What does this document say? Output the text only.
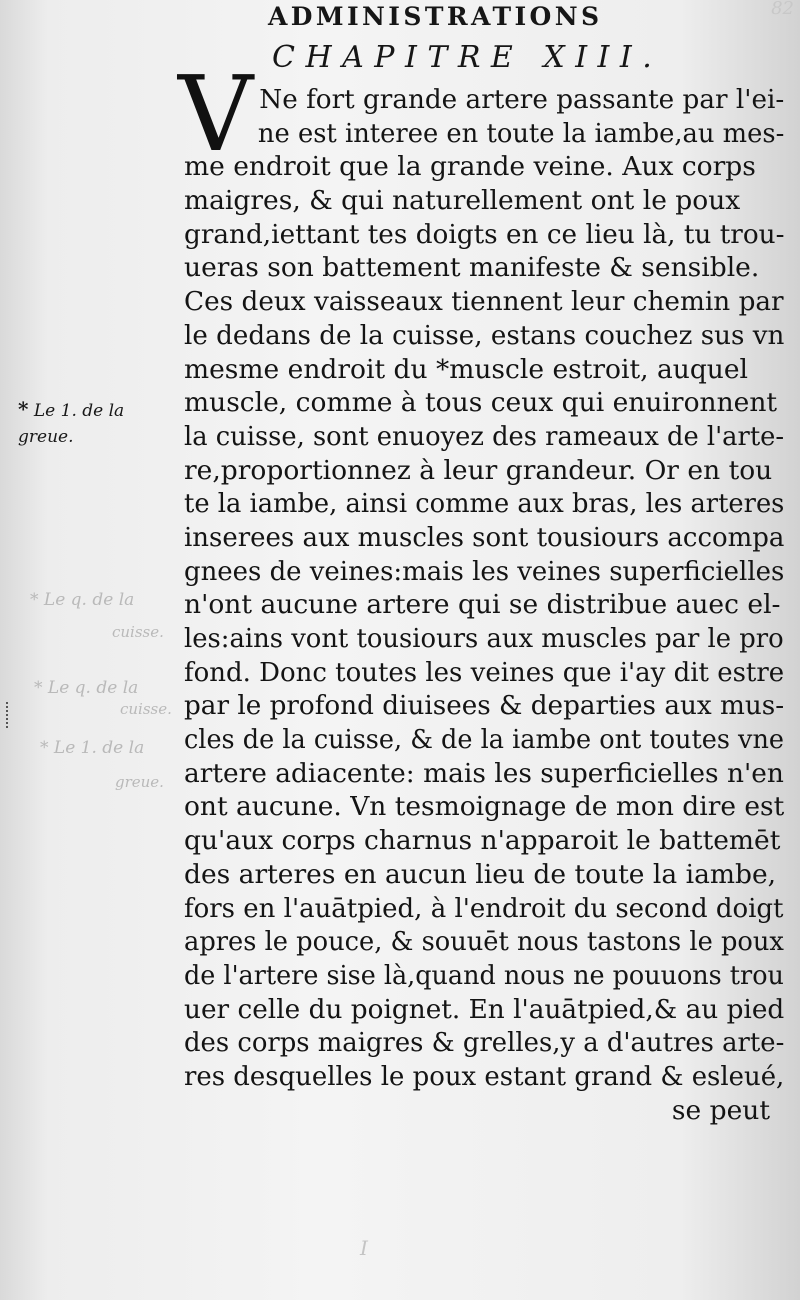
82
* Le q. de la
cuisse.
* Le q. de la
cuisse.
* Le 1. de la
greue.
I
ADMINISTRATIONS
CHAPITRE XIII.
V
* Le 1. de la
greue.
Ne fort grande artere passante par l'ei-
ne est interee en toute la iambe,au mes-
me endroit que la grande veine. Aux corps
maigres, & qui naturellement ont le poux
grand,iettant tes doigts en ce lieu là, tu trou-
ueras son battement manifeste & sensible.
Ces deux vaisseaux tiennent leur chemin par
le dedans de la cuisse, estans couchez sus vn
mesme endroit du *muscle estroit, auquel
muscle, comme à tous ceux qui enuironnent
la cuisse, sont enuoyez des rameaux de l'arte-
re,proportionnez à leur grandeur. Or en tou
te la iambe, ainsi comme aux bras, les arteres
inserees aux muscles sont tousiours accompa
gnees de veines:mais les veines superficielles
n'ont aucune artere qui se distribue auec el-
les:ains vont tousiours aux muscles par le pro
fond. Donc toutes les veines que i'ay dit estre
par le profond diuisees & departies aux mus-
cles de la cuisse, & de la iambe ont toutes vne
artere adiacente: mais les superficielles n'en
ont aucune. Vn tesmoignage de mon dire est
qu'aux corps charnus n'apparoit le battemēt
des arteres en aucun lieu de toute la iambe,
fors en l'auātpied, à l'endroit du second doigt
apres le pouce, & souuēt nous tastons le poux
de l'artere sise là,quand nous ne pouuons trou
uer celle du poignet. En l'auātpied,& au pied
des corps maigres & grelles,y a d'autres arte-
res desquelles le poux estant grand & esleué,
se peut
